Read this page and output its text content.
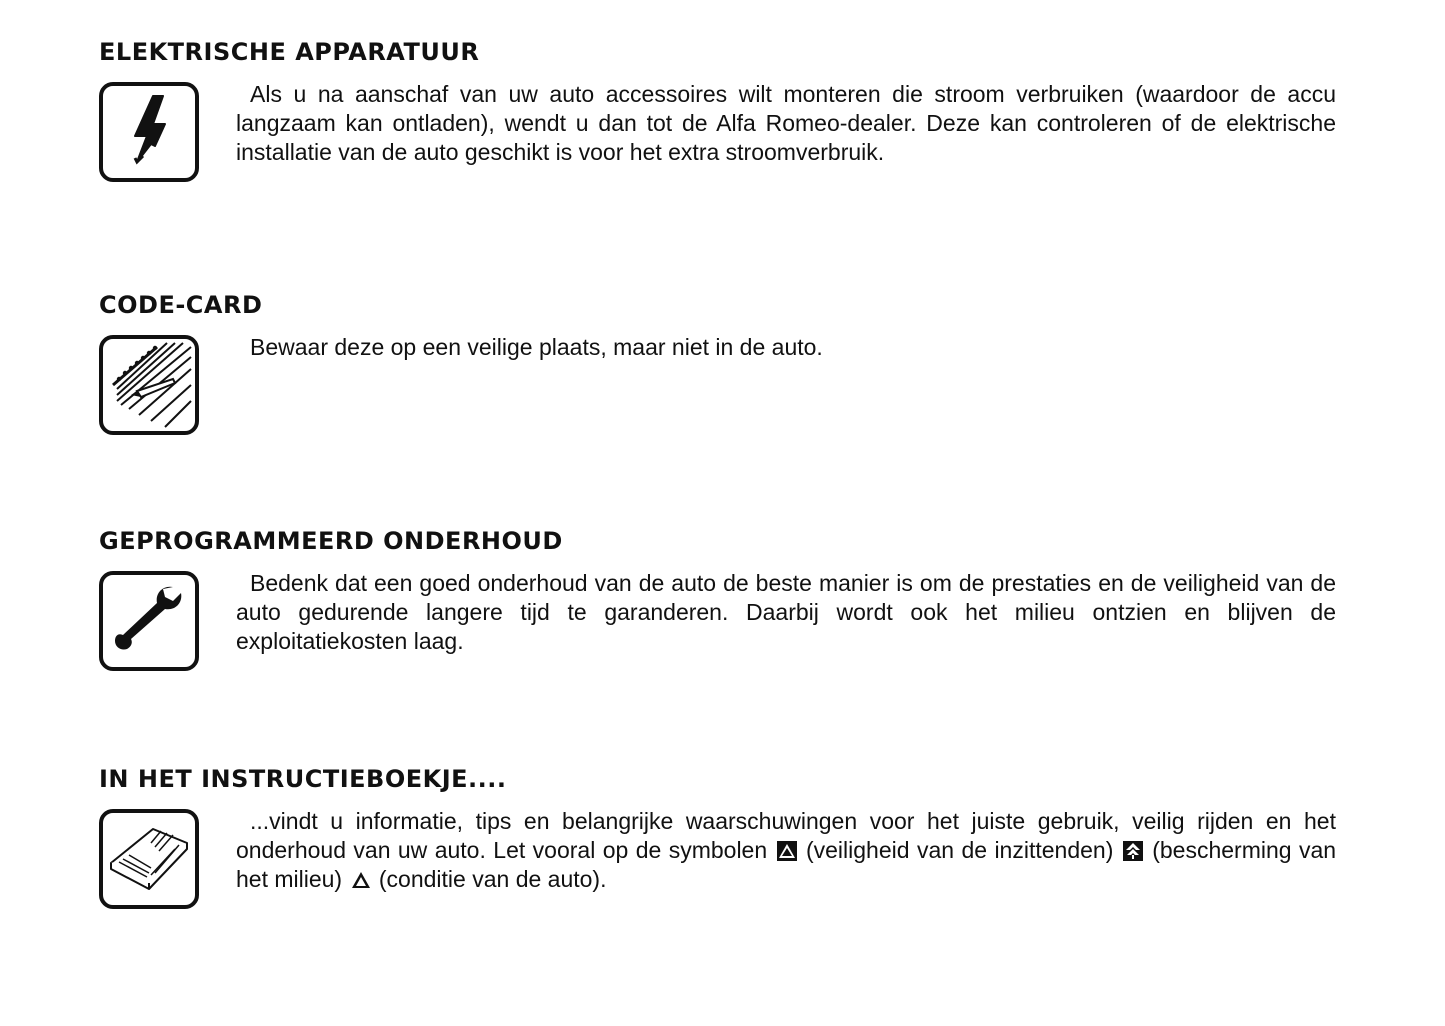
ELEKTRISCHE APPARATUUR

Als u na aanschaf van uw auto accessoires wilt monteren die stroom verbruiken (waardoor de accu langzaam kan ontladen), wendt u dan tot de Alfa Romeo-dealer. Deze kan controleren of de elektrische installatie van de auto geschikt is voor het extra stroomverbruik.

CODE-CARD

Bewaar deze op een veilige plaats, maar niet in de auto.

GEPROGRAMMEERD ONDERHOUD

Bedenk dat een goed onderhoud van de auto de beste manier is om de prestaties en de veiligheid van de auto gedurende langere tijd te garanderen. Daarbij wordt ook het milieu ontzien en blijven de exploitatiekosten laag.

IN HET INSTRUCTIEBOEKJE....

...vindt u informatie, tips en belangrijke waarschuwingen voor het juiste gebruik, veilig rijden en het onderhoud van uw auto. Let vooral op de symbolen (veiligheid van de inzittenden) (bescherming van het milieu) (conditie van de auto).
